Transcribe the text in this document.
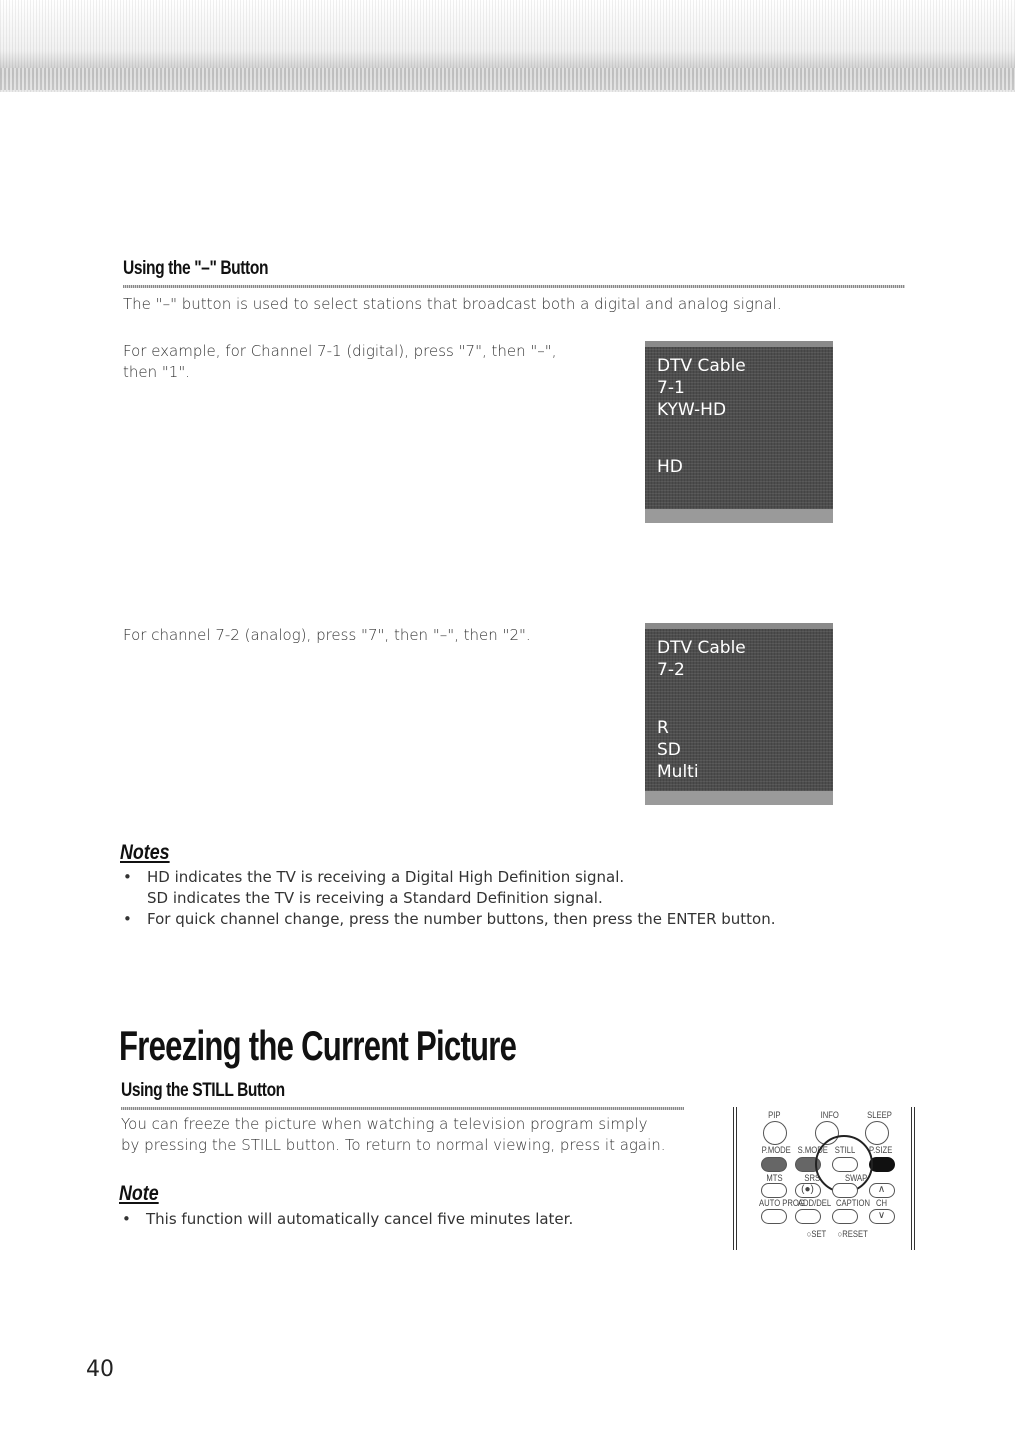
Using the "–" Button

The "–" button is used to select stations that broadcast both a digital and analog signal.

For example, for Channel 7-1 (digital), press "7", then "–",
then "1".	DTV Cable
7-1
KYW-HD
HD

For channel 7-2 (analog), press "7", then "–", then "2".

DTV Cable
7-2
R
SD
Multi
Notes
• HD indicates the TV is receiving a Digital High Definition signal.
SD indicates the TV is receiving a Standard Definition signal.
• For quick channel change, press the number buttons, then press the ENTER button.
Freezing the Current Picture
Using the STILL Button

You can freeze the picture when watching a television program simply
by pressing the STILL button. To return to normal viewing, press it again.

Note
• This function will automatically cancel five minutes later.
PIP	INFO	SLEEP
P.MODE S.MODE STILL P.SIZE
MTS SRS	SWAP
(●)	∧
AUTO PROG
ADD/DEL CAPTION CH
∨
○SET ○RESET

40
